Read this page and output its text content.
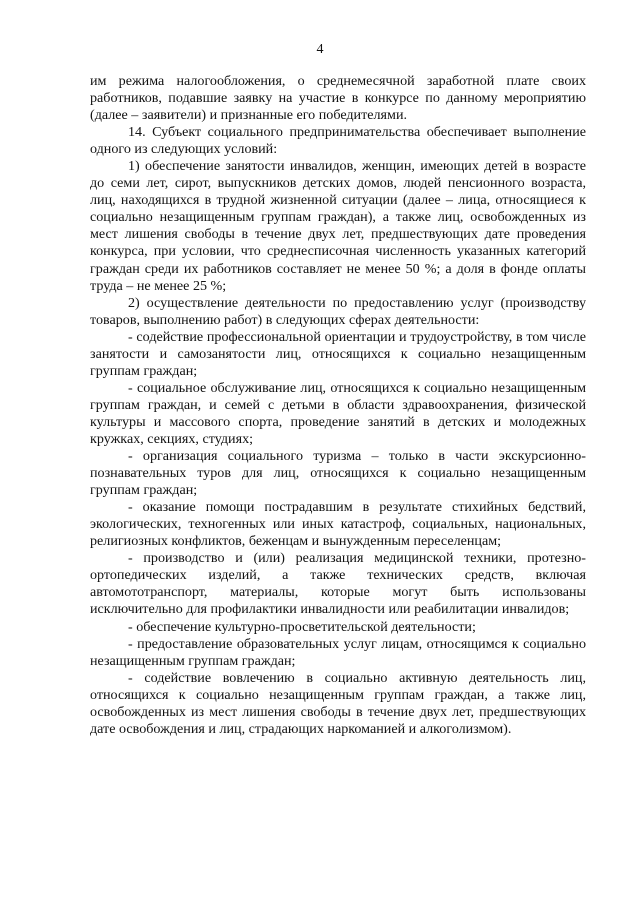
4

им режима налогообложения, о среднемесячной заработной плате своих работников, подавшие заявку на участие в конкурсе по данному мероприятию (далее – заявители) и признанные его победителями.

14. Субъект социального предпринимательства обеспечивает выполнение одного из следующих условий:

1) обеспечение занятости инвалидов, женщин, имеющих детей в возрасте до семи лет, сирот, выпускников детских домов, людей пенсионного возраста, лиц, находящихся в трудной жизненной ситуации (далее – лица, относящиеся к социально незащищенным группам граждан), а также лиц, освобожденных из мест лишения свободы в течение двух лет, предшествующих дате проведения конкурса, при условии, что среднесписочная численность указанных категорий граждан среди их работников составляет не менее 50 %; а доля в фонде оплаты труда – не менее 25 %;

2) осуществление деятельности по предоставлению услуг (производству товаров, выполнению работ) в следующих сферах деятельности:

- содействие профессиональной ориентации и трудоустройству, в том числе занятости и самозанятости лиц, относящихся к социально незащищенным группам граждан;

- социальное обслуживание лиц, относящихся к социально незащищенным группам граждан, и семей с детьми в области здравоохранения, физической культуры и массового спорта, проведение занятий в детских и молодежных кружках, секциях, студиях;

- организация социального туризма – только в части экскурсионно-познавательных туров для лиц, относящихся к социально незащищенным группам граждан;

- оказание помощи пострадавшим в результате стихийных бедствий, экологических, техногенных или иных катастроф, социальных, национальных, религиозных конфликтов, беженцам и вынужденным переселенцам;

- производство и (или) реализация медицинской техники, протезно-ортопедических изделий, а также технических средств, включая автомототранспорт, материалы, которые могут быть использованы исключительно для профилактики инвалидности или реабилитации инвалидов;

- обеспечение культурно-просветительской деятельности;

- предоставление образовательных услуг лицам, относящимся к социально незащищенным группам граждан;

- содействие вовлечению в социально активную деятельность лиц, относящихся к социально незащищенным группам граждан, а также лиц, освобожденных из мест лишения свободы в течение двух лет, предшествующих дате освобождения и лиц, страдающих наркоманией и алкоголизмом).
